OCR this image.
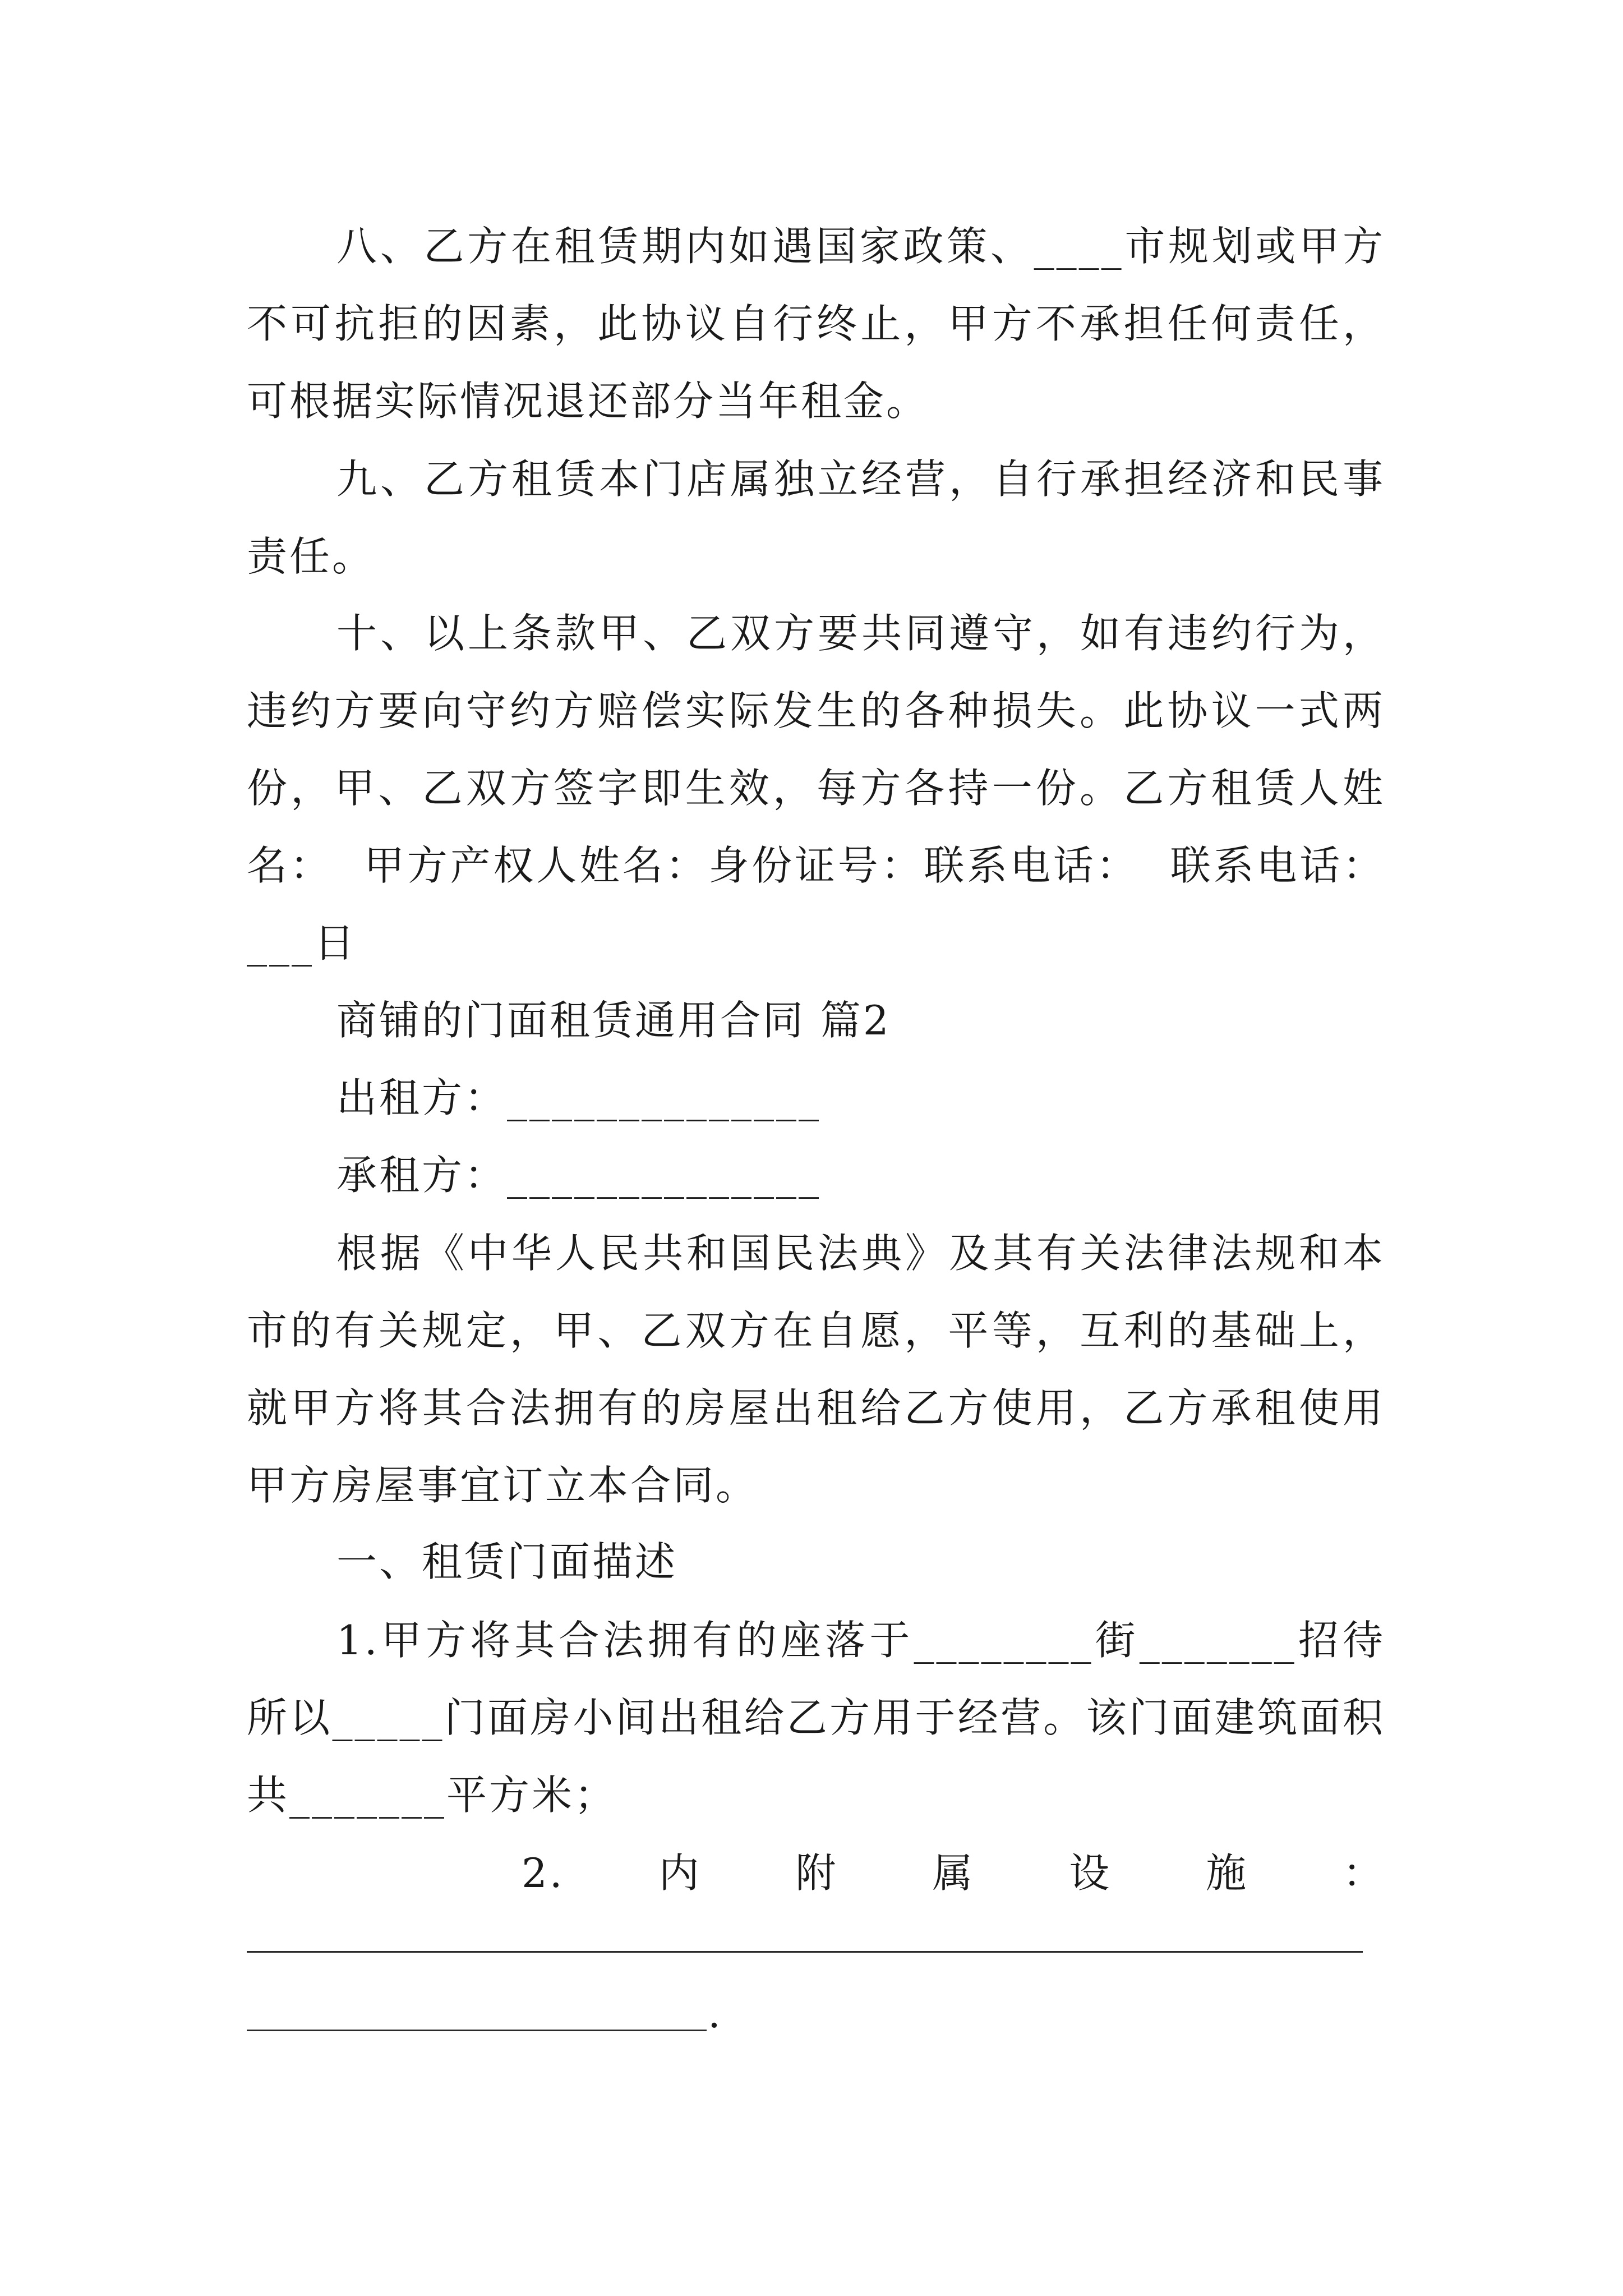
八、乙方在租赁期内如遇国家政策、____市规划或甲方不可抗拒的因素，此协议自行终止，甲方不承担任何责任，可根据实际情况退还部分当年租金。

九、乙方租赁本门店属独立经营，自行承担经济和民事责任。

十、以上条款甲、乙双方要共同遵守，如有违约行为，违约方要向守约方赔偿实际发生的各种损失。此协议一式两份，甲、乙双方签字即生效，每方各持一份。乙方租赁人姓名：  甲方产权人姓名：身份证号：联系电话：  联系电话：___日

商铺的门面租赁通用合同 篇2

出租方：______________

承租方：______________

根据《中华人民共和国民法典》及其有关法律法规和本市的有关规定，甲、乙双方在自愿，平等，互利的基础上，就甲方将其合法拥有的房屋出租给乙方使用，乙方承租使用甲方房屋事宜订立本合同。

一、租赁门面描述

1.甲方将其合法拥有的座落于________街_______招待所以_____门面房小间出租给乙方用于经营。该门面建筑面积共_______平方米；

2. 内 附 属 设 施 ：
.
